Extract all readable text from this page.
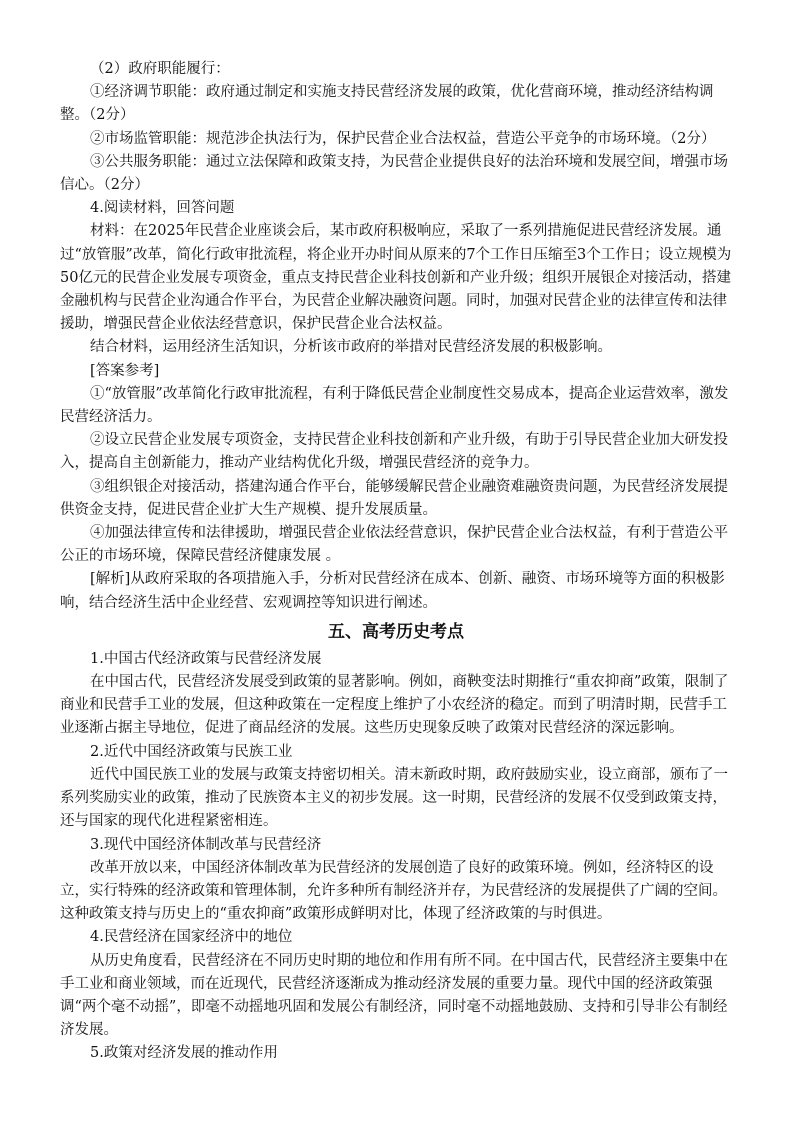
（2）政府职能履行：

①经济调节职能：政府通过制定和实施支持民营经济发展的政策，优化营商环境，推动经济结构调整。（2分）

②市场监管职能：规范涉企执法行为，保护民营企业合法权益，营造公平竞争的市场环境。（2分）

③公共服务职能：通过立法保障和政策支持，为民营企业提供良好的法治环境和发展空间，增强市场信心。（2分）

4.阅读材料，回答问题

材料：在2025年民营企业座谈会后，某市政府积极响应，采取了一系列措施促进民营经济发展。通过“放管服”改革，简化行政审批流程，将企业开办时间从原来的7个工作日压缩至3个工作日；设立规模为50亿元的民营企业发展专项资金，重点支持民营企业科技创新和产业升级；组织开展银企对接活动，搭建金融机构与民营企业沟通合作平台，为民营企业解决融资问题。同时，加强对民营企业的法律宣传和法律援助，增强民营企业依法经营意识，保护民营企业合法权益。

结合材料，运用经济生活知识，分析该市政府的举措对民营经济发展的积极影响。

[答案参考]

①“放管服”改革简化行政审批流程，有利于降低民营企业制度性交易成本，提高企业运营效率，激发民营经济活力。

②设立民营企业发展专项资金，支持民营企业科技创新和产业升级，有助于引导民营企业加大研发投入，提高自主创新能力，推动产业结构优化升级，增强民营经济的竞争力。

③组织银企对接活动，搭建沟通合作平台，能够缓解民营企业融资难融资贵问题，为民营经济发展提供资金支持，促进民营企业扩大生产规模、提升发展质量。

④加强法律宣传和法律援助，增强民营企业依法经营意识，保护民营企业合法权益，有利于营造公平公正的市场环境，保障民营经济健康发展 。

[解析]从政府采取的各项措施入手，分析对民营经济在成本、创新、融资、市场环境等方面的积极影响，结合经济生活中企业经营、宏观调控等知识进行阐述。

五、高考历史考点

1.中国古代经济政策与民营经济发展

在中国古代，民营经济发展受到政策的显著影响。例如，商鞅变法时期推行“重农抑商”政策，限制了商业和民营手工业的发展，但这种政策在一定程度上维护了小农经济的稳定。而到了明清时期，民营手工业逐渐占据主导地位，促进了商品经济的发展。这些历史现象反映了政策对民营经济的深远影响。

2.近代中国经济政策与民族工业

近代中国民族工业的发展与政策支持密切相关。清末新政时期，政府鼓励实业，设立商部，颁布了一系列奖励实业的政策，推动了民族资本主义的初步发展。这一时期，民营经济的发展不仅受到政策支持，还与国家的现代化进程紧密相连。

3.现代中国经济体制改革与民营经济

改革开放以来，中国经济体制改革为民营经济的发展创造了良好的政策环境。例如，经济特区的设立，实行特殊的经济政策和管理体制，允许多种所有制经济并存，为民营经济的发展提供了广阔的空间。这种政策支持与历史上的“重农抑商”政策形成鲜明对比，体现了经济政策的与时俱进。

4.民营经济在国家经济中的地位

从历史角度看，民营经济在不同历史时期的地位和作用有所不同。在中国古代，民营经济主要集中在手工业和商业领域，而在近现代，民营经济逐渐成为推动经济发展的重要力量。现代中国的经济政策强调“两个毫不动摇”，即毫不动摇地巩固和发展公有制经济，同时毫不动摇地鼓励、支持和引导非公有制经济发展。

5.政策对经济发展的推动作用
